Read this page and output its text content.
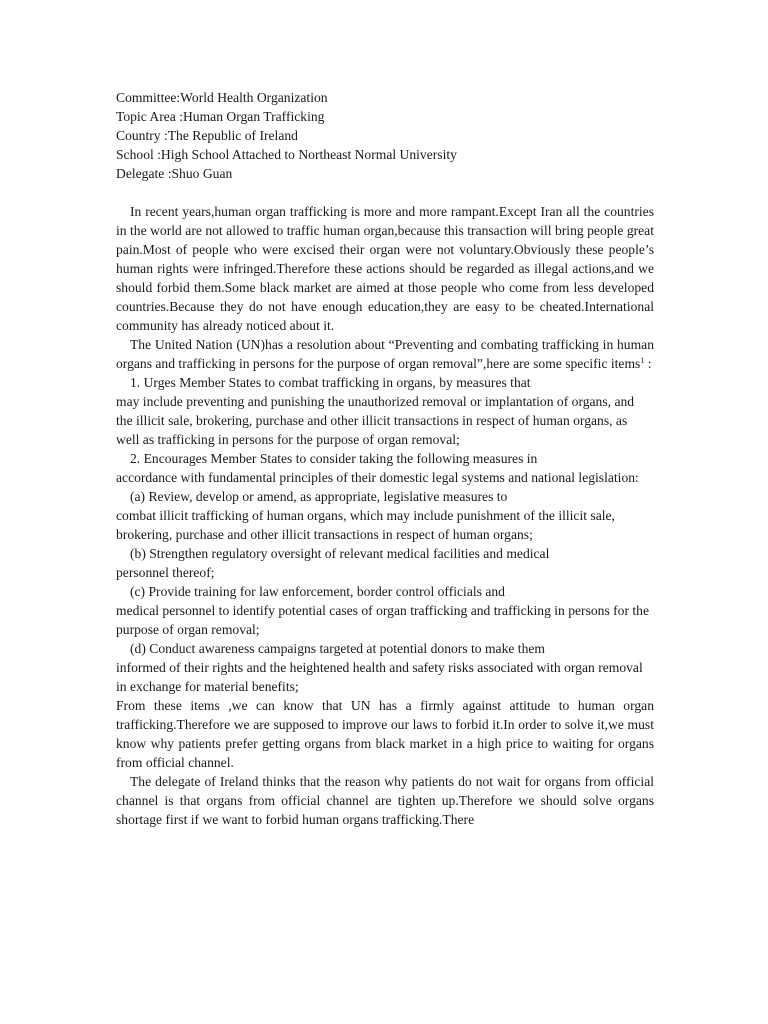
Committee:World Health Organization

Topic Area :Human Organ Trafficking

Country :The Republic of Ireland

School :High School Attached to Northeast Normal University

Delegate :Shuo Guan

In recent years,human organ trafficking is more and more rampant.Except Iran all the countries in the world are not allowed to traffic human organ,because this transaction will bring people great pain.Most of people who were excised their organ were not voluntary.Obviously these people’s human rights were infringed.Therefore these actions should be regarded as illegal actions,and we should forbid them.Some black market are aimed at those people who come from less developed countries.Because they do not have enough education,they are easy to be cheated.International community has already noticed about it.

The United Nation (UN)has a resolution about “Preventing and combating trafficking in human organs and trafficking in persons for the purpose of organ removal”,here are some specific items$^1$ :

1. Urges Member States to combat trafficking in organs, by measures that
may include preventing and punishing the unauthorized removal or implantation of organs, and the illicit sale, brokering, purchase and other illicit transactions in respect of human organs, as well as trafficking in persons for the purpose of organ removal;
2. Encourages Member States to consider taking the following measures in
accordance with fundamental principles of their domestic legal systems and national legislation:
(a) Review, develop or amend, as appropriate, legislative measures to
combat illicit trafficking of human organs, which may include punishment of the illicit sale, brokering, purchase and other illicit transactions in respect of human organs;
(b) Strengthen regulatory oversight of relevant medical facilities and medical
personnel thereof;
(c) Provide training for law enforcement, border control officials and
medical personnel to identify potential cases of organ trafficking and trafficking in persons for the purpose of organ removal;
(d) Conduct awareness campaigns targeted at potential donors to make them
informed of their rights and the heightened health and safety risks associated with organ removal in exchange for material benefits;

From these items ,we can know that UN has a firmly against attitude to human organ trafficking.Therefore we are supposed to improve our laws to forbid it.In order to solve it,we must know why patients prefer getting organs from black market in a high price to waiting for organs from official channel.

The delegate of Ireland thinks that the reason why patients do not wait for organs from official channel is that organs from official channel are tighten up.Therefore we should solve organs shortage first if we want to forbid human organs trafficking.There
